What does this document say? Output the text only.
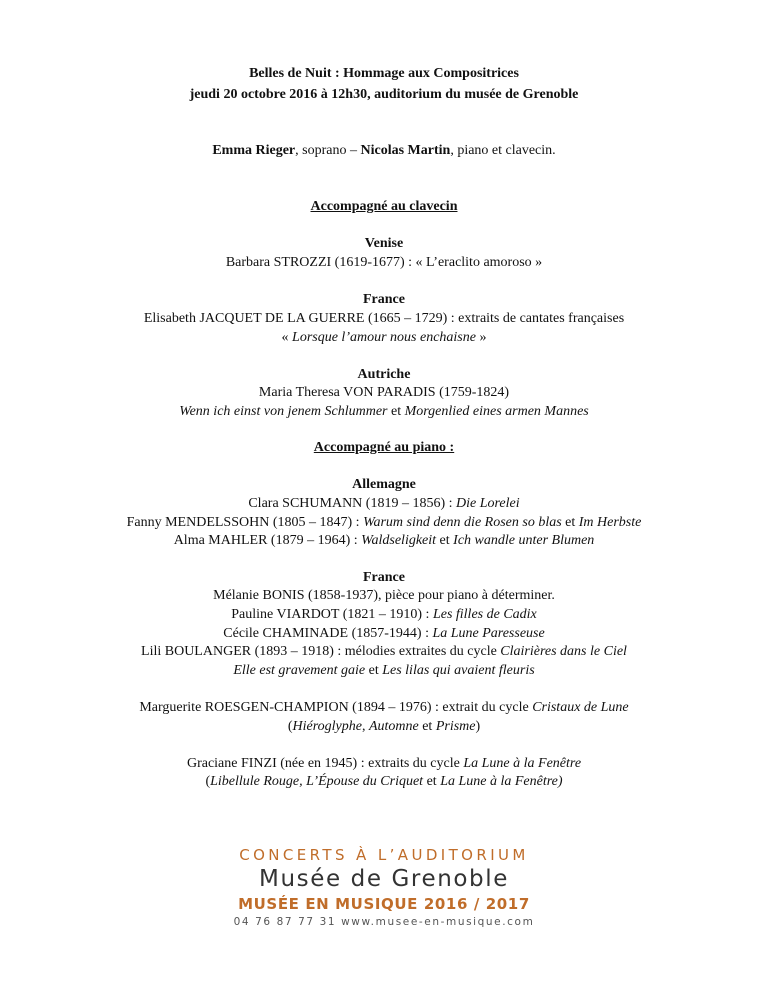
Belles de Nuit : Hommage aux Compositrices
jeudi 20 octobre 2016 à 12h30, auditorium du musée de Grenoble
Emma Rieger, soprano – Nicolas Martin, piano et clavecin.
Accompagné au clavecin
Venise
Barbara STROZZI (1619-1677) : « L’eraclito amoroso »
France
Elisabeth JACQUET DE LA GUERRE (1665 – 1729) : extraits de cantates françaises
« Lorsque l’amour nous enchaisne »
Autriche
Maria Theresa VON PARADIS (1759-1824)
Wenn ich einst von jenem Schlummer et Morgenlied eines armen Mannes
Accompagné au piano :
Allemagne
Clara SCHUMANN (1819 – 1856) : Die Lorelei
Fanny MENDELSSOHN (1805 – 1847) : Warum sind denn die Rosen so blas et Im Herbste
Alma MAHLER (1879 – 1964) : Waldseligkeit et Ich wandle unter Blumen
France
Mélanie BONIS (1858-1937), pièce pour piano à déterminer.
Pauline VIARDOT (1821 – 1910) : Les filles de Cadix
Cécile CHAMINADE (1857-1944) : La Lune Paresseuse
Lili BOULANGER (1893 – 1918) : mélodies extraites du cycle Clairières dans le Ciel
Elle est gravement gaie et Les lilas qui avaient fleuris
Marguerite ROESGEN-CHAMPION (1894 – 1976) : extrait du cycle Cristaux de Lune
(Hiéroglyphe, Automne et Prisme)
Graciane FINZI (née en 1945) : extraits du cycle La Lune à la Fenêtre
(Libellule Rouge, L’Épouse du Criquet et La Lune à la Fenêtre)
CONCERTS À L’AUDITORIUM
Musée de Grenoble
MUSÉE EN MUSIQUE 2016 / 2017
04 76 87 77 31 www.musee-en-musique.com
